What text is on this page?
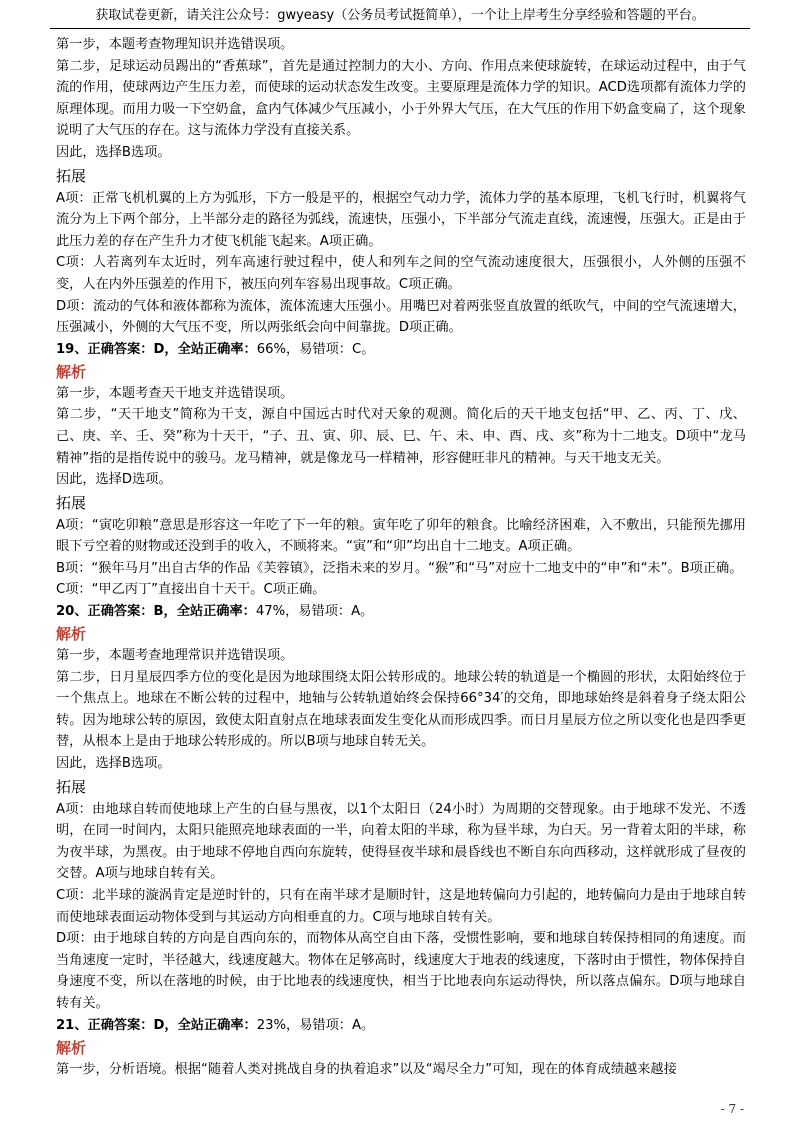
获取试卷更新，请关注公众号：gwyeasy（公务员考试挺简单），一个让上岸考生分享经验和答题的平台。

第一步，本题考查物理知识并选错误项。

第二步，足球运动员踢出的“香蕉球”，首先是通过控制力的大小、方向、作用点来使球旋转，在球运动过程中，由于气流的作用，使球两边产生压力差，而使球的运动状态发生改变。主要原理是流体力学的知识。ACD选项都有流体力学的原理体现。而用力吸一下空奶盒，盒内气体减少气压减小，小于外界大气压，在大气压的作用下奶盒变扁了，这个现象说明了大气压的存在。这与流体力学没有直接关系。

因此，选择B选项。

拓展

A项：正常飞机机翼的上方为弧形，下方一般是平的，根据空气动力学，流体力学的基本原理，飞机飞行时，机翼将气流分为上下两个部分，上半部分走的路径为弧线，流速快，压强小，下半部分气流走直线，流速慢，压强大。正是由于此压力差的存在产生升力才使飞机能飞起来。A项正确。

C项：人若离列车太近时，列车高速行驶过程中，使人和列车之间的空气流动速度很大，压强很小，人外侧的压强不变，人在内外压强差的作用下，被压向列车容易出现事故。C项正确。

D项：流动的气体和液体都称为流体，流体流速大压强小。用嘴巴对着两张竖直放置的纸吹气，中间的空气流速增大，压强减小，外侧的大气压不变，所以两张纸会向中间靠拢。D项正确。

19、正确答案：D，全站正确率：66%，易错项：C。

解析

第一步，本题考查天干地支并选错误项。

第二步，“天干地支”简称为干支，源自中国远古时代对天象的观测。简化后的天干地支包括“甲、乙、丙、丁、戊、己、庚、辛、壬、癸”称为十天干，“子、丑、寅、卯、辰、巳、午、未、申、酉、戌、亥”称为十二地支。D项中“龙马精神”指的是指传说中的骏马。龙马精神，就是像龙马一样精神，形容健旺非凡的精神。与天干地支无关。

因此，选择D选项。

拓展

A项：“寅吃卯粮”意思是形容这一年吃了下一年的粮。寅年吃了卯年的粮食。比喻经济困难，入不敷出，只能预先挪用眼下亏空着的财物或还没到手的收入，不顾将来。“寅”和“卯”均出自十二地支。A项正确。

B项：“猴年马月”出自古华的作品《芙蓉镇》，泛指未来的岁月。“猴”和“马”对应十二地支中的“申”和“未”。B项正确。

C项：“甲乙丙丁”直接出自十天干。C项正确。

20、正确答案：B，全站正确率：47%，易错项：A。

解析

第一步，本题考查地理常识并选错误项。

第二步，日月星辰四季方位的变化是因为地球围绕太阳公转形成的。地球公转的轨道是一个椭圆的形状，太阳始终位于一个焦点上。地球在不断公转的过程中，地轴与公转轨道始终会保持66°34′的交角，即地球始终是斜着身子绕太阳公转。因为地球公转的原因，致使太阳直射点在地球表面发生变化从而形成四季。而日月星辰方位之所以变化也是四季更替，从根本上是由于地球公转形成的。所以B项与地球自转无关。

因此，选择B选项。

拓展

A项：由地球自转而使地球上产生的白昼与黑夜，以1个太阳日（24小时）为周期的交替现象。由于地球不发光、不透明，在同一时间内，太阳只能照亮地球表面的一半，向着太阳的半球，称为昼半球，为白天。另一背着太阳的半球，称为夜半球，为黑夜。由于地球不停地自西向东旋转，使得昼夜半球和晨昏线也不断自东向西移动，这样就形成了昼夜的交替。A项与地球自转有关。

C项：北半球的漩涡肯定是逆时针的，只有在南半球才是顺时针，这是地转偏向力引起的，地转偏向力是由于地球自转而使地球表面运动物体受到与其运动方向相垂直的力。C项与地球自转有关。

D项：由于地球自转的方向是自西向东的，而物体从高空自由下落，受惯性影响，要和地球自转保持相同的角速度。而当角速度一定时，半径越大，线速度越大。物体在足够高时，线速度大于地表的线速度，下落时由于惯性，物体保持自身速度不变，所以在落地的时候，由于比地表的线速度快，相当于比地表向东运动得快，所以落点偏东。D项与地球自转有关。

21、正确答案：D，全站正确率：23%，易错项：A。

解析

第一步，分析语境。根据“随着人类对挑战自身的执着追求”以及“竭尽全力”可知，现在的体育成绩越来越接

- 7 -
